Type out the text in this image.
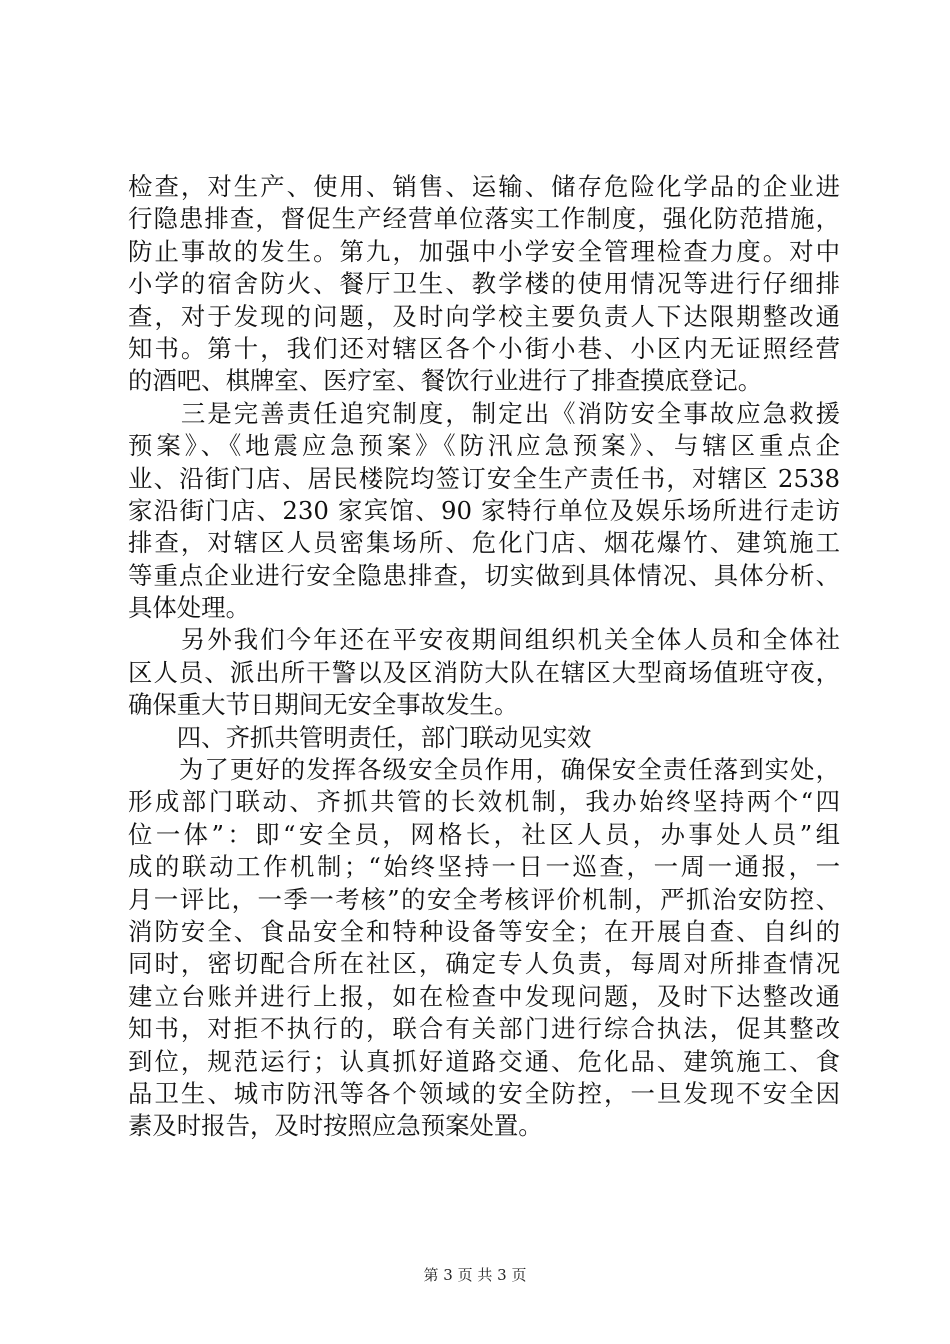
检查，对生产、使用、销售、运输、储存危险化学品的企业进
行隐患排查，督促生产经营单位落实工作制度，强化防范措施，
防止事故的发生。第九，加强中小学安全管理检查力度。对中
小学的宿舍防火、餐厅卫生、教学楼的使用情况等进行仔细排
查，对于发现的问题，及时向学校主要负责人下达限期整改通
知书。第十，我们还对辖区各个小街小巷、小区内无证照经营
的酒吧、棋牌室、医疗室、餐饮行业进行了排查摸底登记。
　　三是完善责任追究制度，制定出《消防安全事故应急救援
预案》、《地震应急预案》《防汛应急预案》、与辖区重点企
业、沿街门店、居民楼院均签订安全生产责任书，对辖区 2538
家沿街门店、230 家宾馆、90 家特行单位及娱乐场所进行走访
排查，对辖区人员密集场所、危化门店、烟花爆竹、建筑施工
等重点企业进行安全隐患排查，切实做到具体情况、具体分析、
具体处理。
　　另外我们今年还在平安夜期间组织机关全体人员和全体社
区人员、派出所干警以及区消防大队在辖区大型商场值班守夜，
确保重大节日期间无安全事故发生。
　　四、齐抓共管明责任，部门联动见实效
　　为了更好的发挥各级安全员作用，确保安全责任落到实处，
形成部门联动、齐抓共管的长效机制，我办始终坚持两个“四
位一体”：即“安全员，网格长，社区人员，办事处人员”组
成的联动工作机制；“始终坚持一日一巡查，一周一通报，一
月一评比，一季一考核”的安全考核评价机制，严抓治安防控、
消防安全、食品安全和特种设备等安全；在开展自查、自纠的
同时，密切配合所在社区，确定专人负责，每周对所排查情况
建立台账并进行上报，如在检查中发现问题，及时下达整改通
知书，对拒不执行的，联合有关部门进行综合执法，促其整改
到位，规范运行；认真抓好道路交通、危化品、建筑施工、食
品卫生、城市防汛等各个领域的安全防控，一旦发现不安全因
素及时报告，及时按照应急预案处置。
第 3 页 共 3 页
